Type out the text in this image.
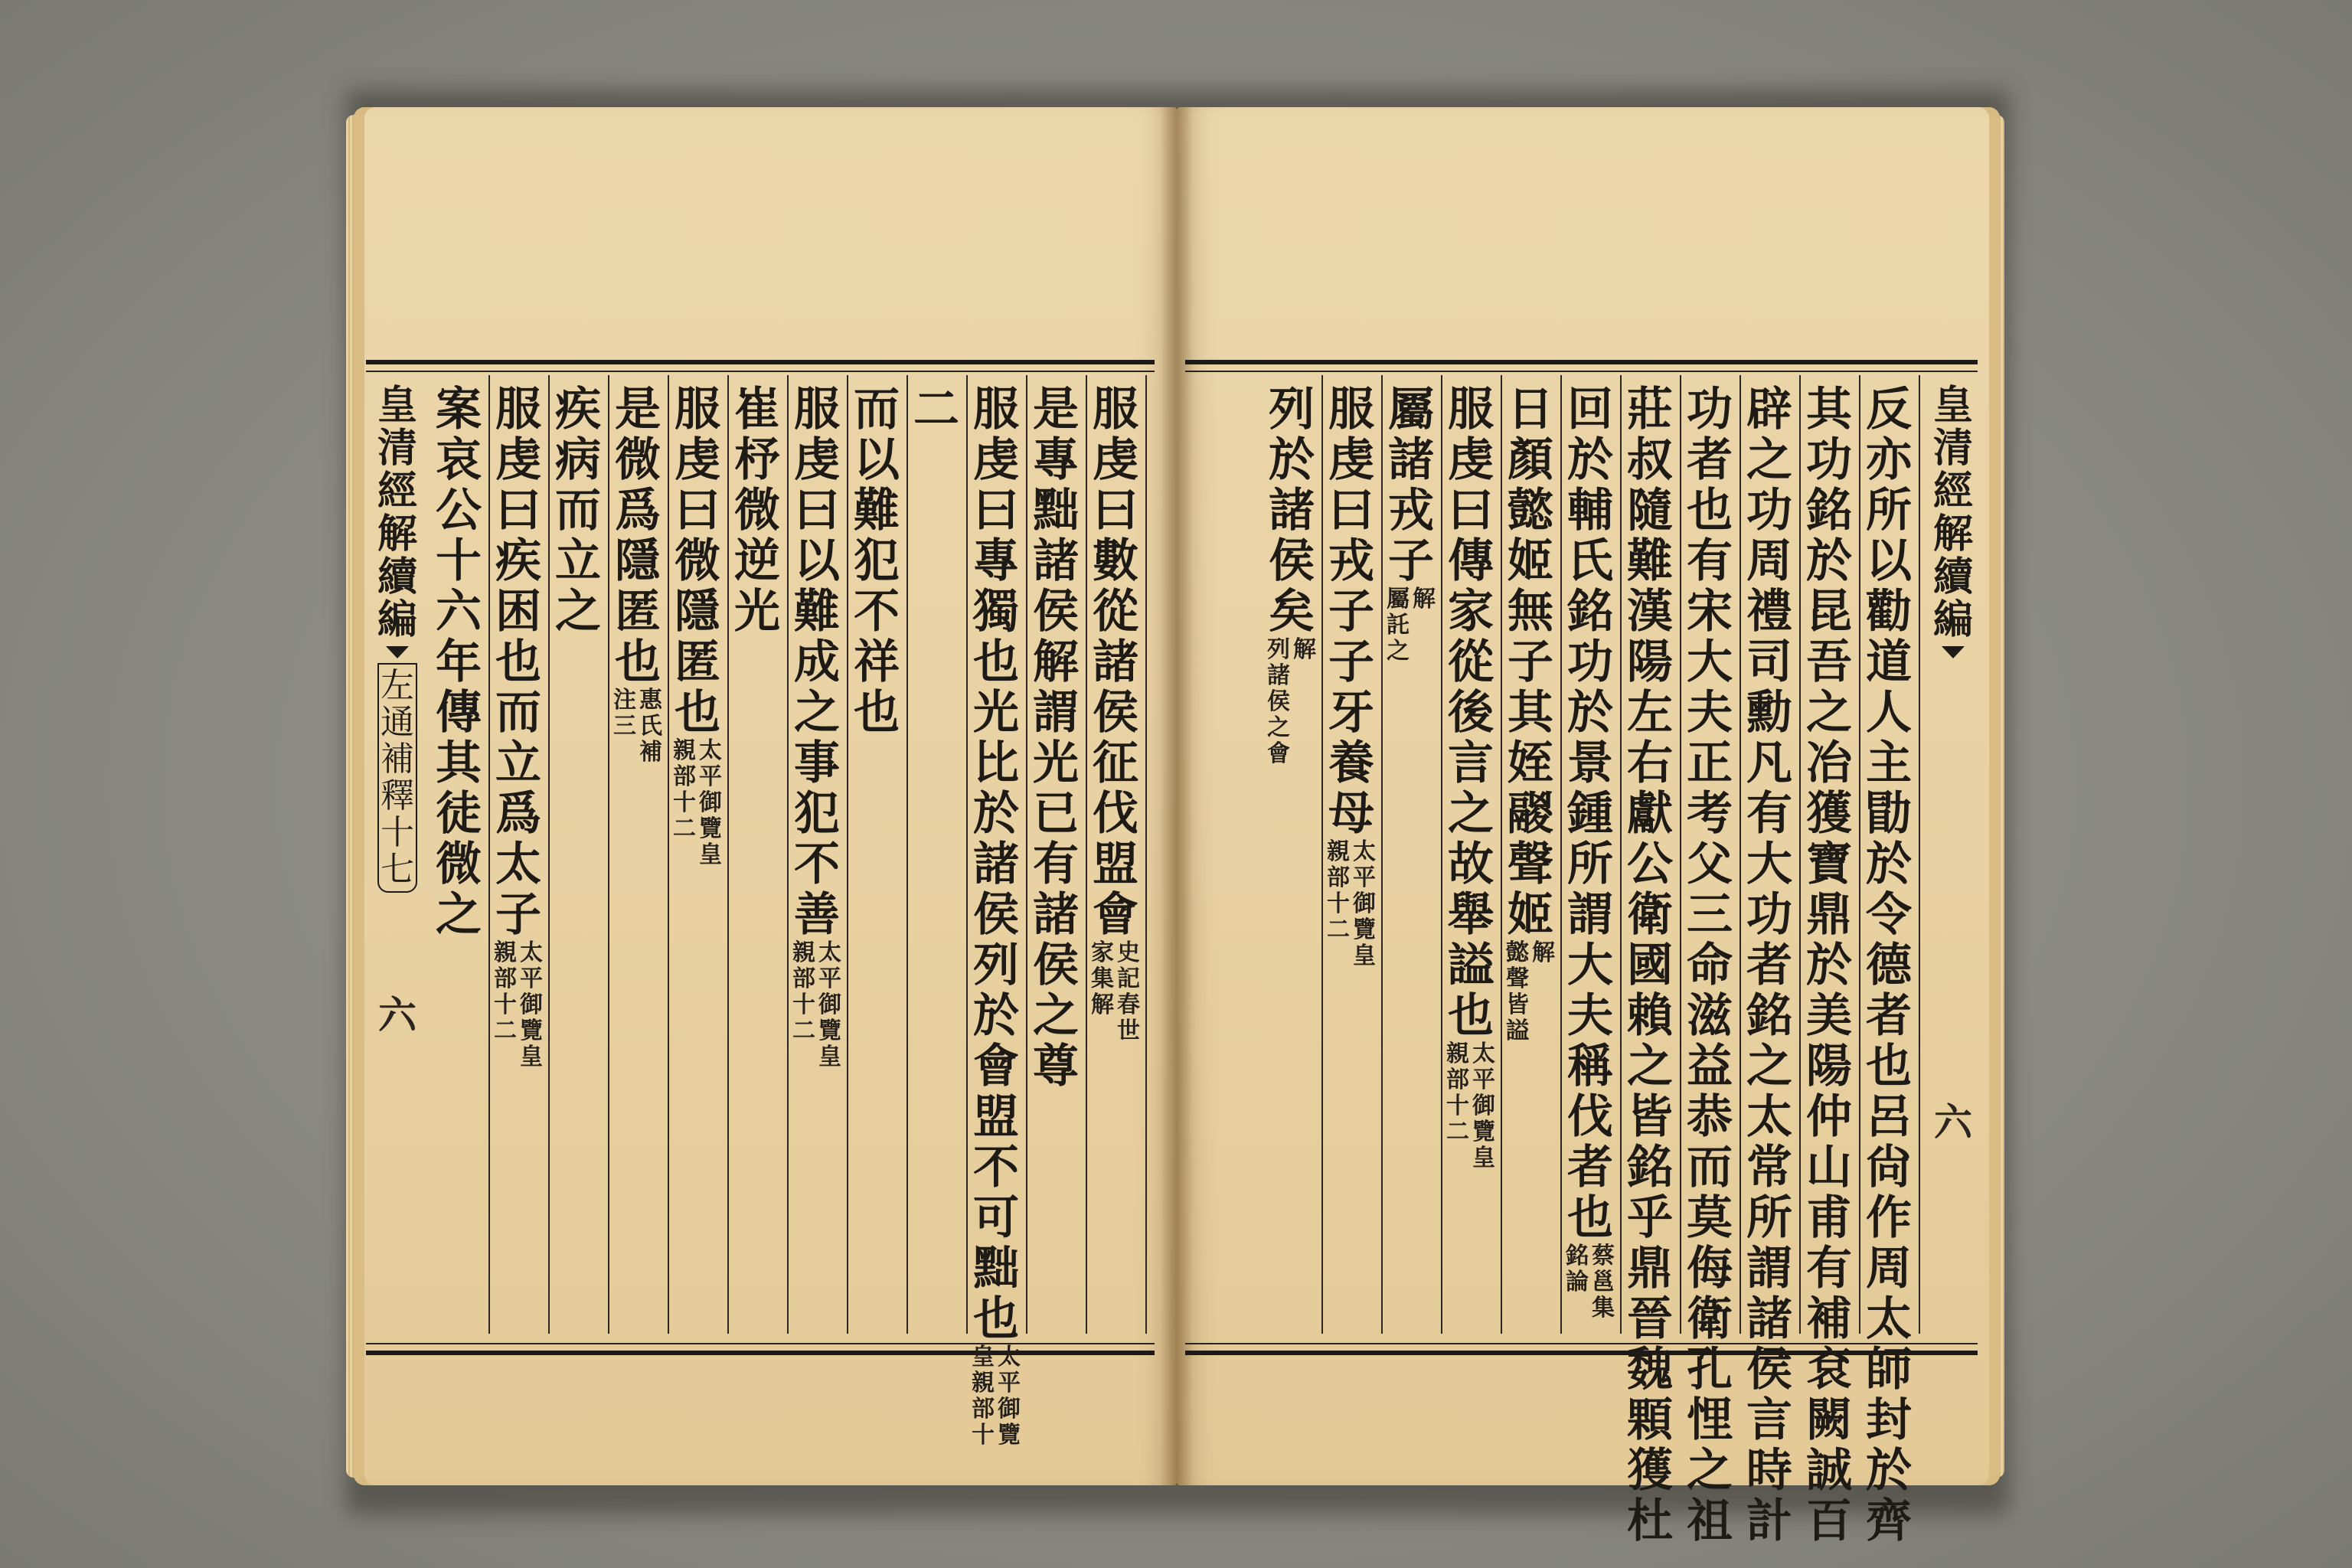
皇
清
經
解
續
編
左
通
補
釋
十
七
六
服
虔
曰
數
從
諸
侯
征
伐
盟
會
史
記
春
世
家
集
解
是
專
黜
諸
侯
解
謂
光
已
有
諸
侯
之
尊
服
虔
曰
專
獨
也
光
比
於
諸
侯
列
於
會
盟
不
可
黜
也
太
平
御
覽
皇
親
部
十
二
而
以
難
犯
不
祥
也
服
虔
曰
以
難
成
之
事
犯
不
善
太
平
御
覽
皇
親
部
十
二
崔
杼
微
逆
光
服
虔
曰
微
隱
匿
也
太
平
御
覽
皇
親
部
十
二
是
微
爲
隱
匿
也
惠
氏
補
注
三
疾
病
而
立
之
服
虔
曰
疾
困
也
而
立
爲
太
子
太
平
御
覽
皇
親
部
十
二
案
哀
公
十
六
年
傳
其
徒
微
之
皇
清
經
解
續
編
六
反
亦
所
以
勸
道
人
主
勖
於
令
德
者
也
呂
尙
作
周
太
師
封
於
齊
其
功
銘
於
昆
吾
之
冶
獲
寶
鼎
於
美
陽
仲
山
甫
有
補
袞
闕
誠
百
辟
之
功
周
禮
司
勳
凡
有
大
功
者
銘
之
太
常
所
謂
諸
侯
言
時
計
功
者
也
有
宋
大
夫
正
考
父
三
命
滋
益
恭
而
莫
侮
衛
孔
悝
之
祖
莊
叔
隨
難
漢
陽
左
右
獻
公
衛
國
賴
之
皆
銘
乎
鼎
晉
魏
顆
獲
杜
回
於
輔
氏
銘
功
於
景
鍾
所
謂
大
夫
稱
伐
者
也
蔡
邕
集
銘
論
日
顏
懿
姬
無
子
其
姪
鬷
聲
姬
解
懿
聲
皆
謚
服
虔
曰
傳
家
從
後
言
之
故
舉
謚
也
太
平
御
覽
皇
親
部
十
二
屬
諸
戎
子
解
屬
託
之
服
虔
曰
戎
子
子
牙
養
母
太
平
御
覽
皇
親
部
十
二
列
於
諸
侯
矣
解
列
諸
侯
之
會
